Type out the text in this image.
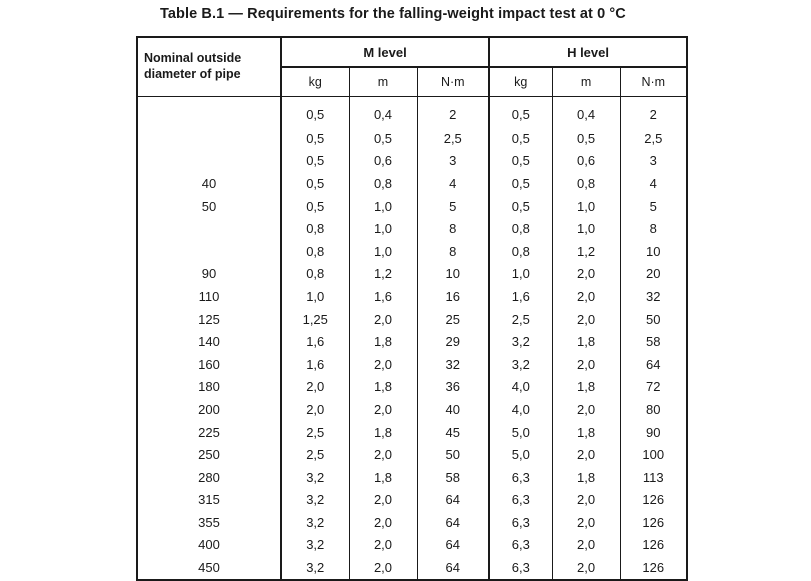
Table B.1 — Requirements for the falling-weight impact test at 0 °C
Nominal outside
diameter of pipe	M level			H level		
	kg	m	N·m	kg	m	N·m
	0,5	0,4	2	0,5	0,4	2
	0,5	0,5	2,5	0,5	0,5	2,5
	0,5	0,6	3	0,5	0,6	3
40	0,5	0,8	4	0,5	0,8	4
50	0,5	1,0	5	0,5	1,0	5
	0,8	1,0	8	0,8	1,0	8
	0,8	1,0	8	0,8	1,2	10
90	0,8	1,2	10	1,0	2,0	20
110	1,0	1,6	16	1,6	2,0	32
125	1,25	2,0	25	2,5	2,0	50
140	1,6	1,8	29	3,2	1,8	58
160	1,6	2,0	32	3,2	2,0	64
180	2,0	1,8	36	4,0	1,8	72
200	2,0	2,0	40	4,0	2,0	80
225	2,5	1,8	45	5,0	1,8	90
250	2,5	2,0	50	5,0	2,0	100
280	3,2	1,8	58	6,3	1,8	113
315	3,2	2,0	64	6,3	2,0	126
355	3,2	2,0	64	6,3	2,0	126
400	3,2	2,0	64	6,3	2,0	126
450	3,2	2,0	64	6,3	2,0	126
